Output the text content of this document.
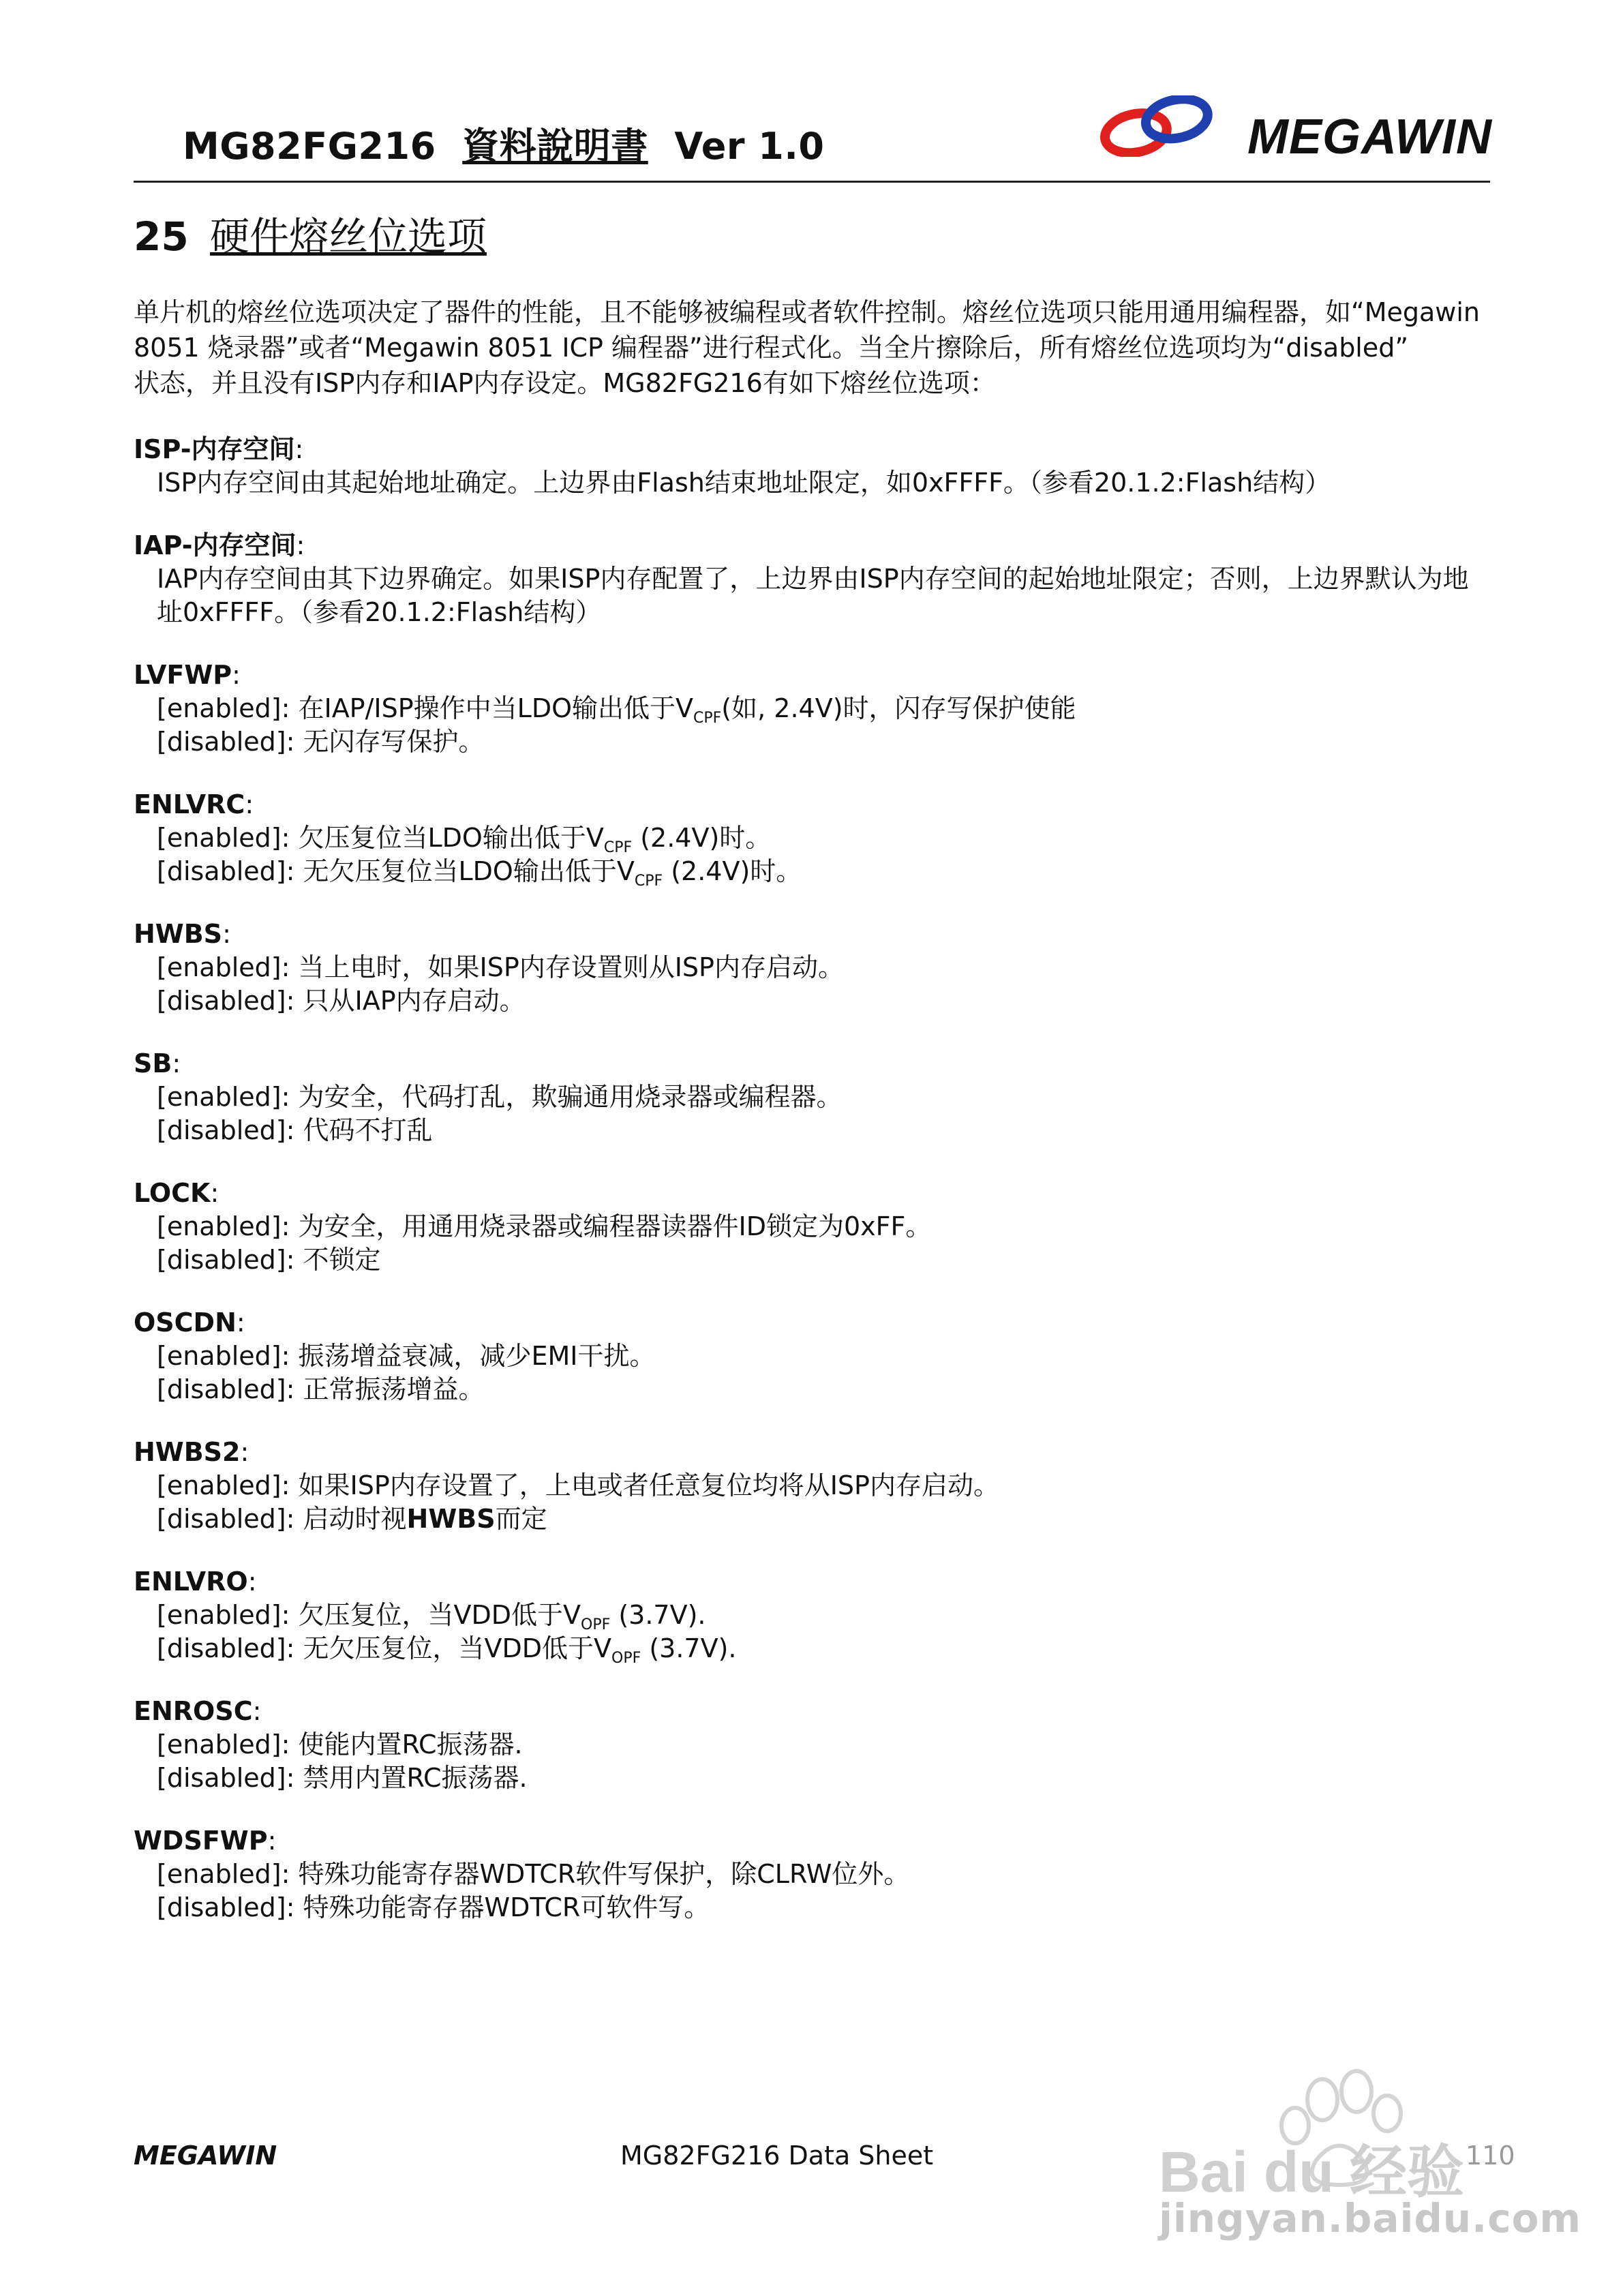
MG82FG216 資料說明書 Ver 1.0	MEGAWIN
25 硬件熔丝位选项

单片机的熔丝位选项决定了器件的性能，且不能够被编程或者软件控制。熔丝位选项只能用通用编程器，如“Megawin

8051 烧录器”或者“Megawin 8051 ICP 编程器”进行程式化。当全片擦除后，所有熔丝位选项均为“disabled”

状态，并且没有ISP内存和IAP内存设定。MG82FG216有如下熔丝位选项：

ISP-内存空间:
ISP内存空间由其起始地址确定。上边界由Flash结束地址限定，如0xFFFF。（参看20.1.2:Flash结构）
IAP-内存空间:
IAP内存空间由其下边界确定。如果ISP内存配置了，上边界由ISP内存空间的起始地址限定；否则，上边界默认为地
址0xFFFF。（参看20.1.2:Flash结构）
LVFWP:
[enabled]: 在IAP/ISP操作中当LDO输出低于$V_{CPF}$(如, 2.4V)时，闪存写保护使能
[disabled]: 无闪存写保护。
ENLVRC:
[enabled]: 欠压复位当LDO输出低于$V_{CPF}$ (2.4V)时。
[disabled]: 无欠压复位当LDO输出低于$V_{CPF}$ (2.4V)时。
HWBS:
[enabled]: 当上电时，如果ISP内存设置则从ISP内存启动。
[disabled]: 只从IAP内存启动。
SB:
[enabled]: 为安全，代码打乱，欺骗通用烧录器或编程器。
[disabled]: 代码不打乱
LOCK:
[enabled]: 为安全，用通用烧录器或编程器读器件ID锁定为0xFF。
[disabled]: 不锁定
OSCDN:
[enabled]: 振荡增益衰减，减少EMI干扰。
[disabled]: 正常振荡增益。
HWBS2:
[enabled]: 如果ISP内存设置了，上电或者任意复位均将从ISP内存启动。
[disabled]: 启动时视HWBS而定
ENLVRO:
[enabled]: 欠压复位，当VDD低于$V_{OPF}$ (3.7V).
[disabled]: 无欠压复位，当VDD低于$V_{OPF}$ (3.7V).
ENROSC:
[enabled]: 使能内置RC振荡器.
[disabled]: 禁用内置RC振荡器.
WDSFWP:
[enabled]: 特殊功能寄存器WDTCR软件写保护，除CLRW位外。
[disabled]: 特殊功能寄存器WDTCR可软件写。
Bai du 经验
jingyan.baidu.com
MEGAWIN	MG82FG216 Data Sheet	110
